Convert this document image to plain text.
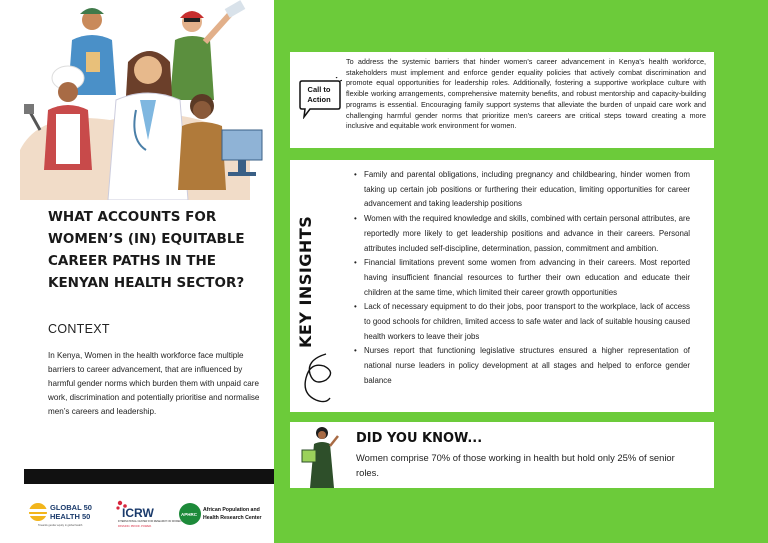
WHAT ACCOUNTS FOR WOMEN’S (IN) EQUITABLE CAREER PATHS IN THE KENYAN HEALTH SECTOR?
CONTEXT

In Kenya, Women in the health workforce face multiple barriers to career advancement, that are influenced by harmful gender norms which burden them with unpaid care work, discrimination and potentially prioritise and normalise men’s careers and leadership.

GLOBAL 50
HEALTH 50
Towards gender equity in global health
ICRW
INTERNATIONAL CENTER FOR RESEARCH ON WOMEN
PASSION. PROOF. POWER.
APHRC
African Population and
Health Research Center
Call to
Action

To address the systemic barriers that hinder women's career advancement in Kenya's health workforce, stakeholders must implement and enforce gender equality policies that actively combat discrimination and promote equal opportunities for leadership roles. Additionally, fostering a supportive workplace culture with flexible working arrangements, comprehensive maternity benefits, and robust mentorship and capacity-building programs is essential. Encouraging family support systems that alleviate the burden of unpaid care work and challenging harmful gender norms that prioritize men's careers are critical steps toward creating a more inclusive and equitable work environment for women.

KEY INSIGHTS
• Family and parental obligations, including pregnancy and childbearing, hinder women from taking up certain job positions or furthering their education, limiting opportunities for career advancement and taking leadership positions
• Women with the required knowledge and skills, combined with certain personal attributes, are reportedly more likely to get leadership positions and advance in their careers. Personal attributes included self-discipline, determination, passion, commitment and ambition.
• Financial limitations prevent some women from advancing in their careers. Most reported having insufficient financial resources to further their own education and educate their children at the same time, which limited their career growth opportunities
• Lack of necessary equipment to do their jobs, poor transport to the workplace, lack of access to good schools for children, limited access to safe water and lack of suitable housing caused health workers to leave their jobs
• Nurses report that functioning legislative structures ensured a higher representation of national nurse leaders in policy development at all stages and helped to enforce gender balance
DID YOU KNOW...

Women comprise 70% of those working in health but hold only 25% of senior roles.
